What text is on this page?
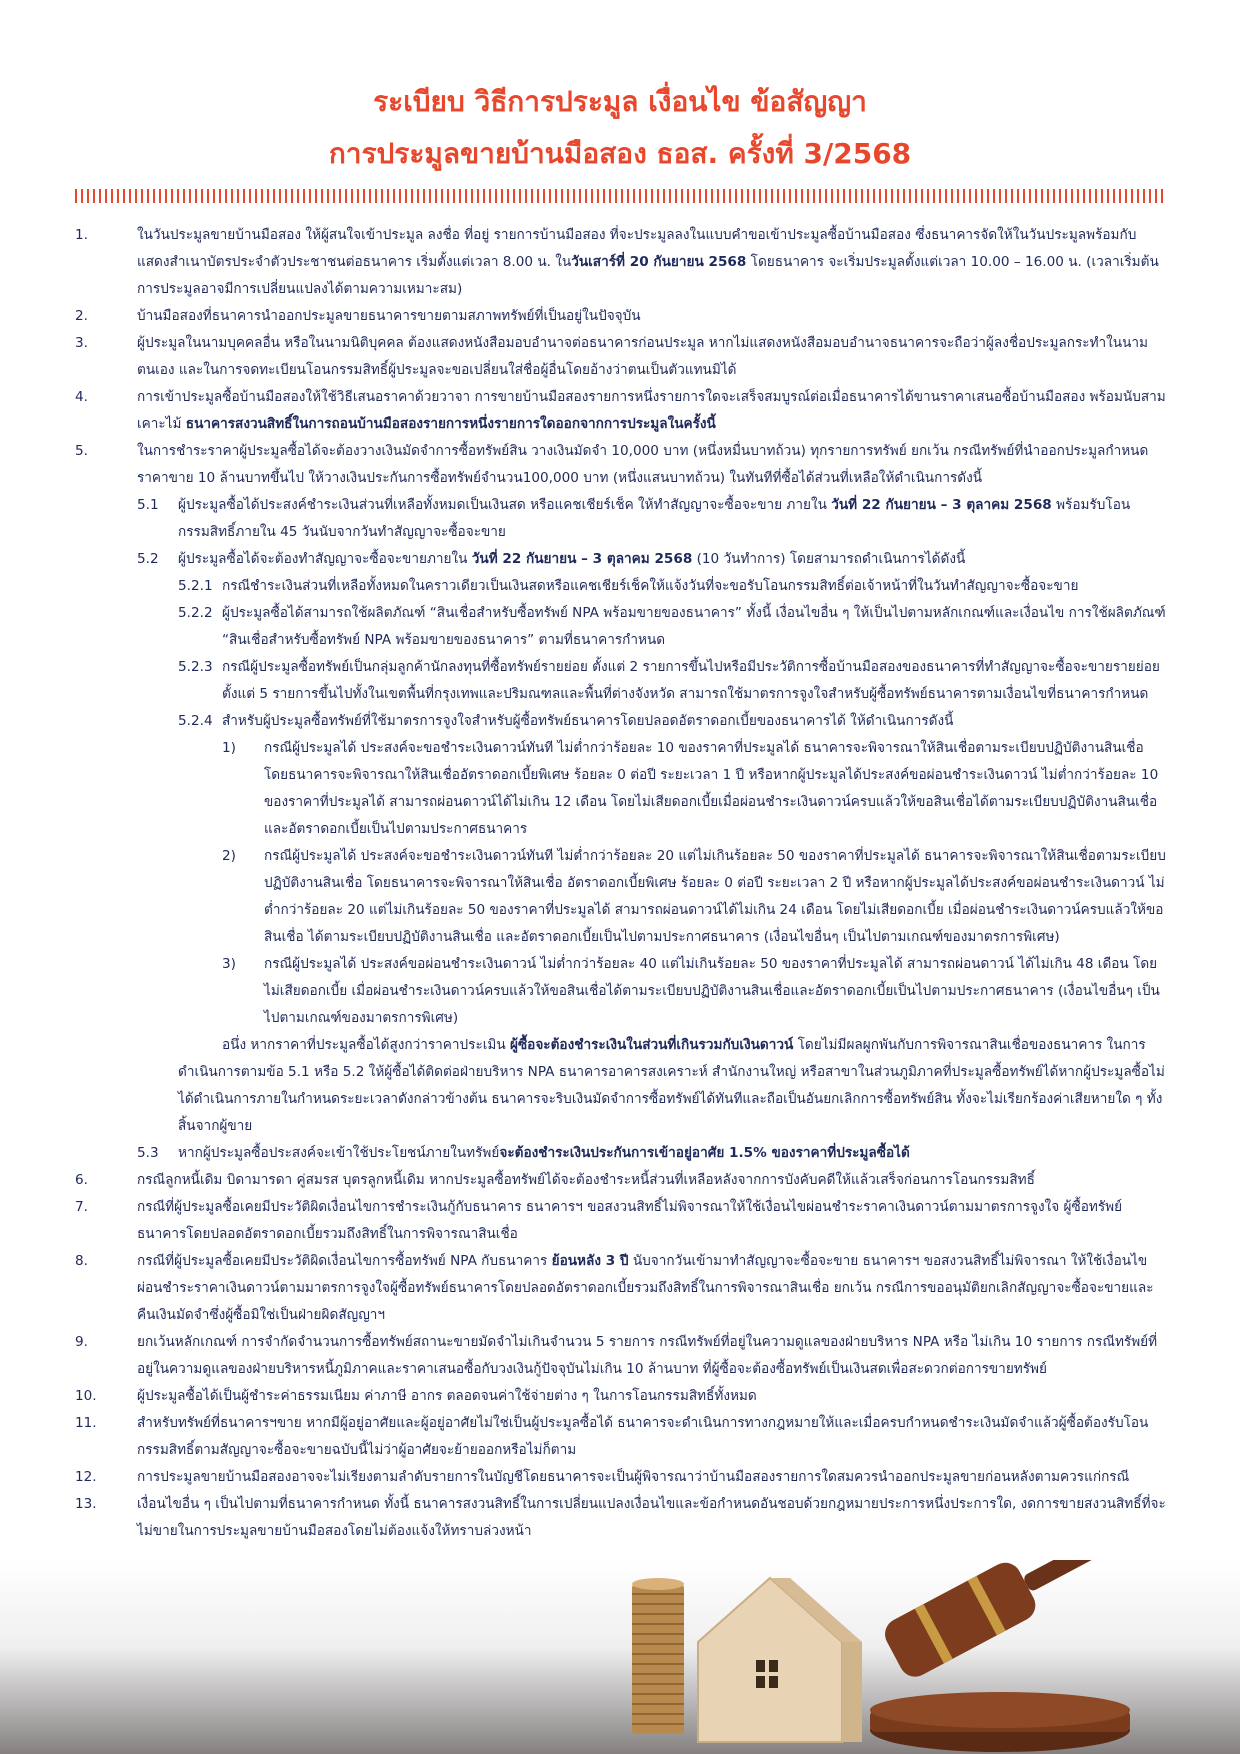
ระเบียบ วิธีการประมูล เงื่อนไข ข้อสัญญา
การประมูลขายบ้านมือสอง ธอส. ครั้งที่ 3/2568
1.	ในวันประมูลขายบ้านมือสอง ให้ผู้สนใจเข้าประมูล ลงชื่อ ที่อยู่ รายการบ้านมือสอง ที่จะประมูลลงในแบบคำขอเข้าประมูลซื้อบ้านมือสอง ซึ่งธนาคารจัดให้ในวันประมูลพร้อมกับแสดงสำเนาบัตรประจำตัวประชาชนต่อธนาคาร เริ่มตั้งแต่เวลา 8.00 น. ในวันเสาร์ที่ 20 กันยายน 2568 โดยธนาคาร จะเริ่มประมูลตั้งแต่เวลา 10.00 – 16.00 น. (เวลาเริ่มต้นการประมูลอาจมีการเปลี่ยนแปลงได้ตามความเหมาะสม)
2.	บ้านมือสองที่ธนาคารนำออกประมูลขายธนาคารขายตามสภาพทรัพย์ที่เป็นอยู่ในปัจจุบัน
3.	ผู้ประมูลในนามบุคคลอื่น หรือในนามนิติบุคคล ต้องแสดงหนังสือมอบอำนาจต่อธนาคารก่อนประมูล หากไม่แสดงหนังสือมอบอำนาจธนาคารจะถือว่าผู้ลงชื่อประมูลกระทำในนามตนเอง และในการจดทะเบียนโอนกรรมสิทธิ์ผู้ประมูลจะขอเปลี่ยนใส่ชื่อผู้อื่นโดยอ้างว่าตนเป็นตัวแทนมิได้
4.	การเข้าประมูลซื้อบ้านมือสองให้ใช้วิธีเสนอราคาด้วยวาจา การขายบ้านมือสองรายการหนึ่งรายการใดจะเสร็จสมบูรณ์ต่อเมื่อธนาคารได้ขานราคาเสนอซื้อบ้านมือสอง พร้อมนับสามเคาะไม้ ธนาคารสงวนสิทธิ์ในการถอนบ้านมือสองรายการหนึ่งรายการใดออกจากการประมูลในครั้งนี้
5.	ในการชำระราคาผู้ประมูลซื้อได้จะต้องวางเงินมัดจำการซื้อทรัพย์สิน วางเงินมัดจำ 10,000 บาท (หนึ่งหมื่นบาทถ้วน) ทุกรายการทรัพย์ ยกเว้น กรณีทรัพย์ที่นำออกประมูลกำหนดราคาขาย 10 ล้านบาทขึ้นไป ให้วางเงินประกันการซื้อทรัพย์จำนวน100,000 บาท (หนึ่งแสนบาทถ้วน) ในทันทีที่ซื้อได้ส่วนที่เหลือให้ดำเนินการดังนี้
5.1 ผู้ประมูลซื้อได้ประสงค์ชำระเงินส่วนที่เหลือทั้งหมดเป็นเงินสด หรือแคชเชียร์เช็ค ให้ทำสัญญาจะซื้อจะขาย ภายใน วันที่ 22 กันยายน – 3 ตุลาคม 2568 พร้อมรับโอนกรรมสิทธิ์ภายใน 45 วันนับจากวันทำสัญญาจะซื้อจะขาย
5.2 ผู้ประมูลซื้อได้จะต้องทำสัญญาจะซื้อจะขายภายใน วันที่ 22 กันยายน – 3 ตุลาคม 2568 (10 วันทำการ) โดยสามารถดำเนินการได้ดังนี้
5.2.1 กรณีชำระเงินส่วนที่เหลือทั้งหมดในคราวเดียวเป็นเงินสดหรือแคชเชียร์เช็คให้แจ้งวันที่จะขอรับโอนกรรมสิทธิ์ต่อเจ้าหน้าที่ในวันทำสัญญาจะซื้อจะขาย
5.2.2 ผู้ประมูลซื้อได้สามารถใช้ผลิตภัณฑ์ “สินเชื่อสำหรับซื้อทรัพย์ NPA พร้อมขายของธนาคาร” ทั้งนี้ เงื่อนไขอื่น ๆ ให้เป็นไปตามหลักเกณฑ์และเงื่อนไข การใช้ผลิตภัณฑ์ “สินเชื่อสำหรับซื้อทรัพย์ NPA พร้อมขายของธนาคาร” ตามที่ธนาคารกำหนด
5.2.3 กรณีผู้ประมูลซื้อทรัพย์เป็นกลุ่มลูกค้านักลงทุนที่ซื้อทรัพย์รายย่อย ตั้งแต่ 2 รายการขึ้นไปหรือมีประวัติการซื้อบ้านมือสองของธนาคารที่ทำสัญญาจะซื้อจะขายรายย่อยตั้งแต่ 5 รายการขึ้นไปทั้งในเขตพื้นที่กรุงเทพและปริมณฑลและพื้นที่ต่างจังหวัด สามารถใช้มาตรการจูงใจสำหรับผู้ซื้อทรัพย์ธนาคารตามเงื่อนไขที่ธนาคารกำหนด
5.2.4 สำหรับผู้ประมูลซื้อทรัพย์ที่ใช้มาตรการจูงใจสำหรับผู้ซื้อทรัพย์ธนาคารโดยปลอดอัตราดอกเบี้ยของธนาคารได้ ให้ดำเนินการดังนี้
1) กรณีผู้ประมูลได้ ประสงค์จะขอชำระเงินดาวน์ทันที ไม่ต่ำกว่าร้อยละ 10 ของราคาที่ประมูลได้ ธนาคารจะพิจารณาให้สินเชื่อตามระเบียบปฏิบัติงานสินเชื่อ โดยธนาคารจะพิจารณาให้สินเชื่ออัตราดอกเบี้ยพิเศษ ร้อยละ 0 ต่อปี ระยะเวลา 1 ปี หรือหากผู้ประมูลได้ประสงค์ขอผ่อนชำระเงินดาวน์ ไม่ต่ำกว่าร้อยละ 10 ของราคาที่ประมูลได้ สามารถผ่อนดาวน์ได้ไม่เกิน 12 เดือน โดยไม่เสียดอกเบี้ยเมื่อผ่อนชำระเงินดาวน์ครบแล้วให้ขอสินเชื่อได้ตามระเบียบปฏิบัติงานสินเชื่อและอัตราดอกเบี้ยเป็นไปตามประกาศธนาคาร
2) กรณีผู้ประมูลได้ ประสงค์จะขอชำระเงินดาวน์ทันที ไม่ต่ำกว่าร้อยละ 20 แต่ไม่เกินร้อยละ 50 ของราคาที่ประมูลได้ ธนาคารจะพิจารณาให้สินเชื่อตามระเบียบปฏิบัติงานสินเชื่อ โดยธนาคารจะพิจารณาให้สินเชื่อ อัตราดอกเบี้ยพิเศษ ร้อยละ 0 ต่อปี ระยะเวลา 2 ปี หรือหากผู้ประมูลได้ประสงค์ขอผ่อนชำระเงินดาวน์ ไม่ต่ำกว่าร้อยละ 20 แต่ไม่เกินร้อยละ 50 ของราคาที่ประมูลได้ สามารถผ่อนดาวน์ได้ไม่เกิน 24 เดือน โดยไม่เสียดอกเบี้ย เมื่อผ่อนชำระเงินดาวน์ครบแล้วให้ขอสินเชื่อ ได้ตามระเบียบปฏิบัติงานสินเชื่อ และอัตราดอกเบี้ยเป็นไปตามประกาศธนาคาร (เงื่อนไขอื่นๆ เป็นไปตามเกณฑ์ของมาตรการพิเศษ)
3) กรณีผู้ประมูลได้ ประสงค์ขอผ่อนชำระเงินดาวน์ ไม่ต่ำกว่าร้อยละ 40 แต่ไม่เกินร้อยละ 50 ของราคาที่ประมูลได้ สามารถผ่อนดาวน์ ได้ไม่เกิน 48 เดือน โดยไม่เสียดอกเบี้ย เมื่อผ่อนชำระเงินดาวน์ครบแล้วให้ขอสินเชื่อได้ตามระเบียบปฏิบัติงานสินเชื่อและอัตราดอกเบี้ยเป็นไปตามประกาศธนาคาร (เงื่อนไขอื่นๆ เป็นไปตามเกณฑ์ของมาตรการพิเศษ)
อนึ่ง หากราคาที่ประมูลซื้อได้สูงกว่าราคาประเมิน ผู้ซื้อจะต้องชำระเงินในส่วนที่เกินรวมกับเงินดาวน์ โดยไม่มีผลผูกพันกับการพิจารณาสินเชื่อของธนาคาร ในการดำเนินการตามข้อ 5.1 หรือ 5.2 ให้ผู้ซื้อได้ติดต่อฝ่ายบริหาร NPA ธนาคารอาคารสงเคราะห์ สำนักงานใหญ่ หรือสาขาในส่วนภูมิภาคที่ประมูลซื้อทรัพย์ได้หากผู้ประมูลซื้อไม่ได้ดำเนินการภายในกำหนดระยะเวลาดังกล่าวข้างต้น ธนาคารจะริบเงินมัดจำการซื้อทรัพย์ได้ทันทีและถือเป็นอันยกเลิกการซื้อทรัพย์สิน ทั้งจะไม่เรียกร้องค่าเสียหายใด ๆ ทั้งสิ้นจากผู้ขาย
5.3 หากผู้ประมูลซื้อประสงค์จะเข้าใช้ประโยชน์ภายในทรัพย์จะต้องชำระเงินประกันการเข้าอยู่อาศัย 1.5% ของราคาที่ประมูลซื้อได้
6.	กรณีลูกหนี้เดิม บิดามารดา คู่สมรส บุตรลูกหนี้เดิม หากประมูลซื้อทรัพย์ได้จะต้องชำระหนี้ส่วนที่เหลือหลังจากการบังคับคดีให้แล้วเสร็จก่อนการโอนกรรมสิทธิ์
7.	กรณีที่ผู้ประมูลซื้อเคยมีประวัติผิดเงื่อนไขการชำระเงินกู้กับธนาคาร ธนาคารฯ ขอสงวนสิทธิ์ไม่พิจารณาให้ใช้เงื่อนไขผ่อนชำระราคาเงินดาวน์ตามมาตรการจูงใจ ผู้ซื้อทรัพย์ธนาคารโดยปลอดอัตราดอกเบี้ยรวมถึงสิทธิ์ในการพิจารณาสินเชื่อ
8.	กรณีที่ผู้ประมูลซื้อเคยมีประวัติผิดเงื่อนไขการซื้อทรัพย์ NPA กับธนาคาร ย้อนหลัง 3 ปี นับจากวันเข้ามาทำสัญญาจะซื้อจะขาย ธนาคารฯ ขอสงวนสิทธิ์ไม่พิจารณา ให้ใช้เงื่อนไขผ่อนชำระราคาเงินดาวน์ตามมาตรการจูงใจผู้ซื้อทรัพย์ธนาคารโดยปลอดอัตราดอกเบี้ยรวมถึงสิทธิ์ในการพิจารณาสินเชื่อ ยกเว้น กรณีการขออนุมัติยกเลิกสัญญาจะซื้อจะขายและคืนเงินมัดจำซึ่งผู้ซื้อมิใช่เป็นฝ่ายผิดสัญญาฯ
9.	ยกเว้นหลักเกณฑ์ การจำกัดจำนวนการซื้อทรัพย์สถานะขายมัดจำไม่เกินจำนวน 5 รายการ กรณีทรัพย์ที่อยู่ในความดูแลของฝ่ายบริหาร NPA หรือ ไม่เกิน 10 รายการ กรณีทรัพย์ที่อยู่ในความดูแลของฝ่ายบริหารหนี้ภูมิภาคและราคาเสนอซื้อกับวงเงินกู้ปัจจุบันไม่เกิน 10 ล้านบาท ที่ผู้ซื้อจะต้องซื้อทรัพย์เป็นเงินสดเพื่อสะดวกต่อการขายทรัพย์
10.	ผู้ประมูลซื้อได้เป็นผู้ชำระค่าธรรมเนียม ค่าภาษี อากร ตลอดจนค่าใช้จ่ายต่าง ๆ ในการโอนกรรมสิทธิ์ทั้งหมด
11.	สำหรับทรัพย์ที่ธนาคารฯขาย หากมีผู้อยู่อาศัยและผู้อยู่อาศัยไม่ใช่เป็นผู้ประมูลซื้อได้ ธนาคารจะดำเนินการทางกฎหมายให้และเมื่อครบกำหนดชำระเงินมัดจำแล้วผู้ซื้อต้องรับโอนกรรมสิทธิ์ตามสัญญาจะซื้อจะขายฉบับนี้ไม่ว่าผู้อาศัยจะย้ายออกหรือไม่ก็ตาม
12.	การประมูลขายบ้านมือสองอาจจะไม่เรียงตามลำดับรายการในบัญชีโดยธนาคารจะเป็นผู้พิจารณาว่าบ้านมือสองรายการใดสมควรนำออกประมูลขายก่อนหลังตามควรแก่กรณี
13.	เงื่อนไขอื่น ๆ เป็นไปตามที่ธนาคารกำหนด ทั้งนี้ ธนาคารสงวนสิทธิ์ในการเปลี่ยนแปลงเงื่อนไขและข้อกำหนดอันชอบด้วยกฎหมายประการหนึ่งประการใด, งดการขายสงวนสิทธิ์ที่จะไม่ขายในการประมูลขายบ้านมือสองโดยไม่ต้องแจ้งให้ทราบล่วงหน้า
